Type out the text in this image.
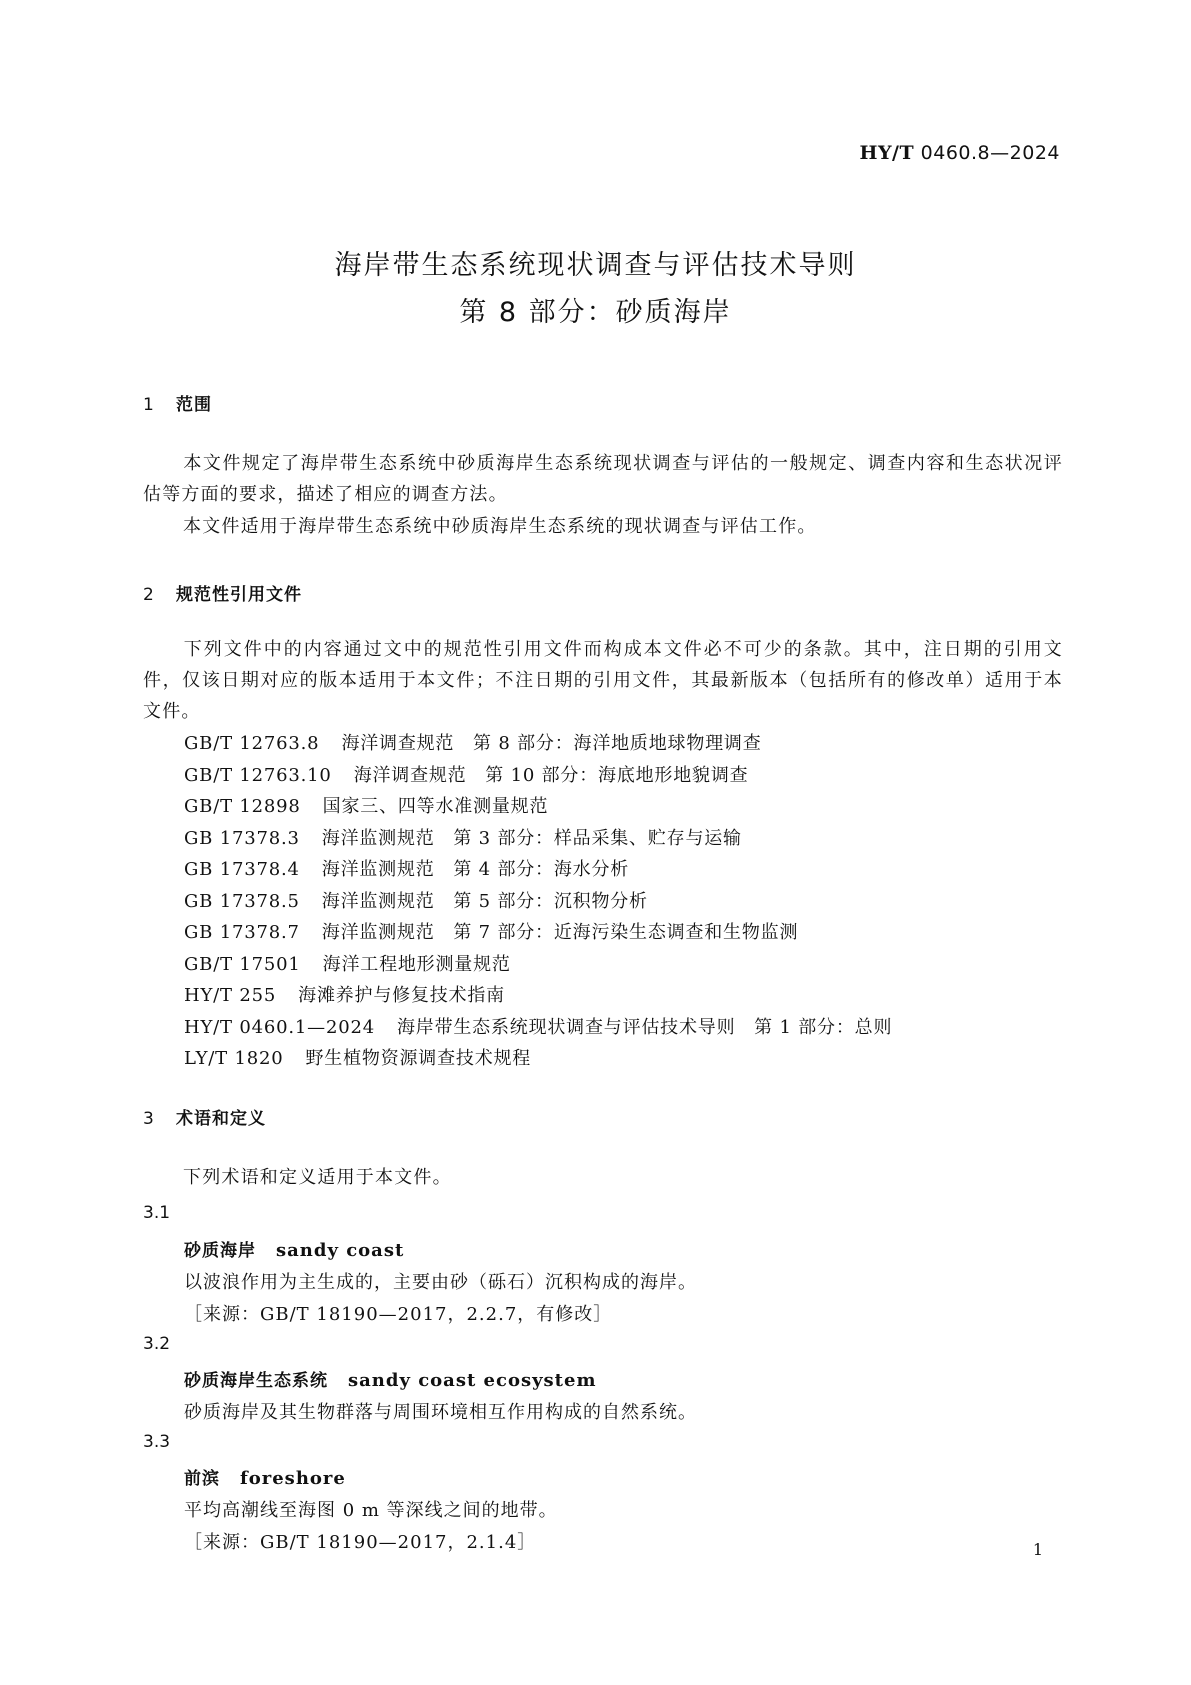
HY/T 0460.8—2024
海岸带生态系统现状调查与评估技术导则
第 8 部分：砂质海岸
1 范围
本文件规定了海岸带生态系统中砂质海岸生态系统现状调查与评估的一般规定、调查内容和生态状况评估等方面的要求，描述了相应的调查方法。
本文件适用于海岸带生态系统中砂质海岸生态系统的现状调查与评估工作。
2 规范性引用文件
下列文件中的内容通过文中的规范性引用文件而构成本文件必不可少的条款。其中，注日期的引用文件，仅该日期对应的版本适用于本文件；不注日期的引用文件，其最新版本（包括所有的修改单）适用于本文件。
GB/T 12763.8 海洋调查规范　第 8 部分：海洋地质地球物理调查
GB/T 12763.10 海洋调查规范　第 10 部分：海底地形地貌调查
GB/T 12898 国家三、四等水准测量规范
GB 17378.3 海洋监测规范　第 3 部分：样品采集、贮存与运输
GB 17378.4 海洋监测规范　第 4 部分：海水分析
GB 17378.5 海洋监测规范　第 5 部分：沉积物分析
GB 17378.7 海洋监测规范　第 7 部分：近海污染生态调查和生物监测
GB/T 17501 海洋工程地形测量规范
HY/T 255 海滩养护与修复技术指南
HY/T 0460.1—2024 海岸带生态系统现状调查与评估技术导则　第 1 部分：总则
LY/T 1820 野生植物资源调查技术规程
3 术语和定义
下列术语和定义适用于本文件。
3.1
砂质海岸 sandy coast
以波浪作用为主生成的，主要由砂（砾石）沉积构成的海岸。
［来源：GB/T 18190—2017，2.2.7，有修改］
3.2
砂质海岸生态系统 sandy coast ecosystem
砂质海岸及其生物群落与周围环境相互作用构成的自然系统。
3.3
前滨 foreshore
平均高潮线至海图 0 m 等深线之间的地带。
［来源：GB/T 18190—2017，2.1.4］	1
